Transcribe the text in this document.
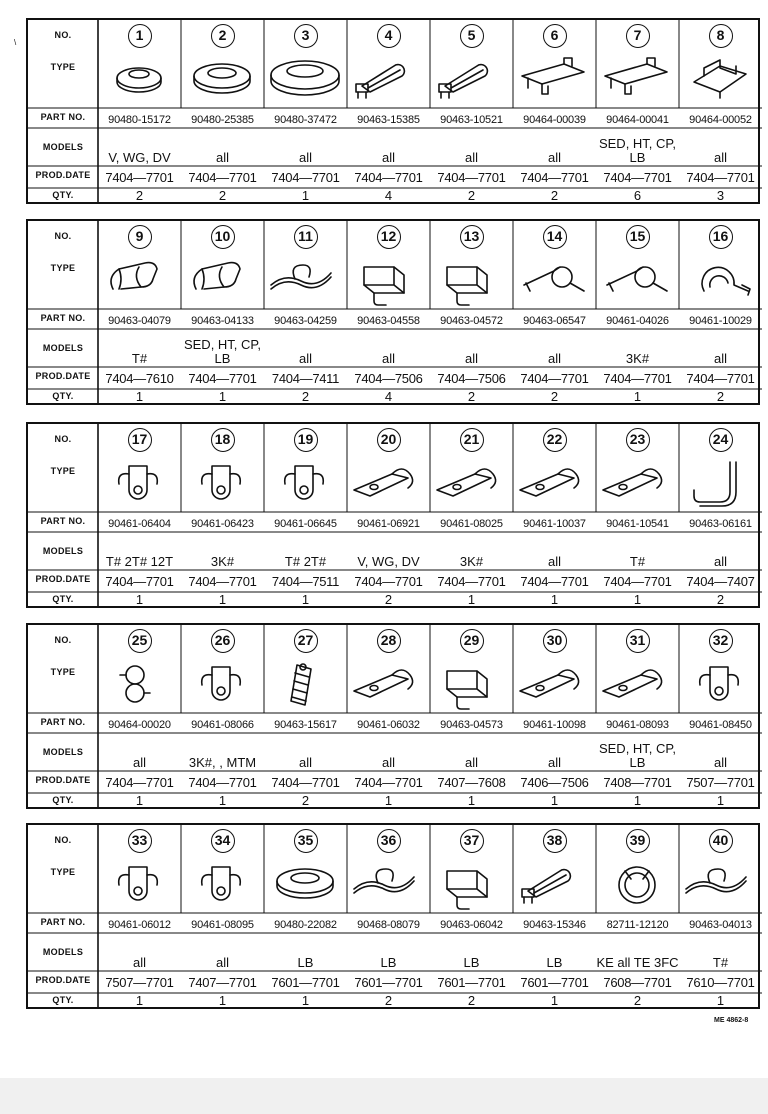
\
NO.
TYPE
PART NO.
MODELS
PROD.DATE
QTY.
1
90480-15172
V, WG, DV
7404—7701
2
2
90480-25385
all
7404—7701
2
3
90480-37472
all
7404—7701
1
4
90463-15385
all
7404—7701
4
5
90463-10521
all
7404—7701
2
6
90464-00039
all
7404—7701
2
7
90464-00041
SED, HT, CP, LB
7404—7701
6
8
90464-00052
all
7404—7701
3
NO.
TYPE
PART NO.
MODELS
PROD.DATE
QTY.
9
90463-04079
T#
7404—7610
1
10
90463-04133
SED, HT, CP, LB
7404—7701
1
11
90463-04259
all
7404—7411
2
12
90463-04558
all
7404—7506
4
13
90463-04572
all
7404—7506
2
14
90463-06547
all
7404—7701
2
15
90461-04026
3K#
7404—7701
1
16
90461-10029
all
7404—7701
2
NO.
TYPE
PART NO.
MODELS
PROD.DATE
QTY.
17
90461-06404
T# 2T# 12T
7404—7701
1
18
90461-06423
3K#
7404—7701
1
19
90461-06645
T# 2T#
7404—7511
1
20
90461-06921
V, WG, DV
7404—7701
2
21
90461-08025
3K#
7404—7701
1
22
90461-10037
all
7404—7701
1
23
90461-10541
T#
7404—7701
1
24
90463-06161
all
7404—7407
2
NO.
TYPE
PART NO.
MODELS
PROD.DATE
QTY.
25
90464-00020
all
7404—7701
1
26
90461-08066
3K#, , MTM
7404—7701
1
27
90463-15617
all
7404—7701
2
28
90461-06032
all
7404—7701
1
29
90463-04573
all
7407—7608
1
30
90461-10098
all
7406—7506
1
31
90461-08093
SED, HT, CP, LB
7408—7701
1
32
90461-08450
all
7507—7701
1
NO.
TYPE
PART NO.
MODELS
PROD.DATE
QTY.
33
90461-06012
all
7507—7701
1
34
90461-08095
all
7407—7701
1
35
90480-22082
LB
7601—7701
1
36
90468-08079
LB
7601—7701
2
37
90463-06042
LB
7601—7701
2
38
90463-15346
LB
7601—7701
1
39
82711-12120
KE all TE 3FC
7608—7701
2
40
90463-04013
T#
7610—7701
1
ME 4862-8
